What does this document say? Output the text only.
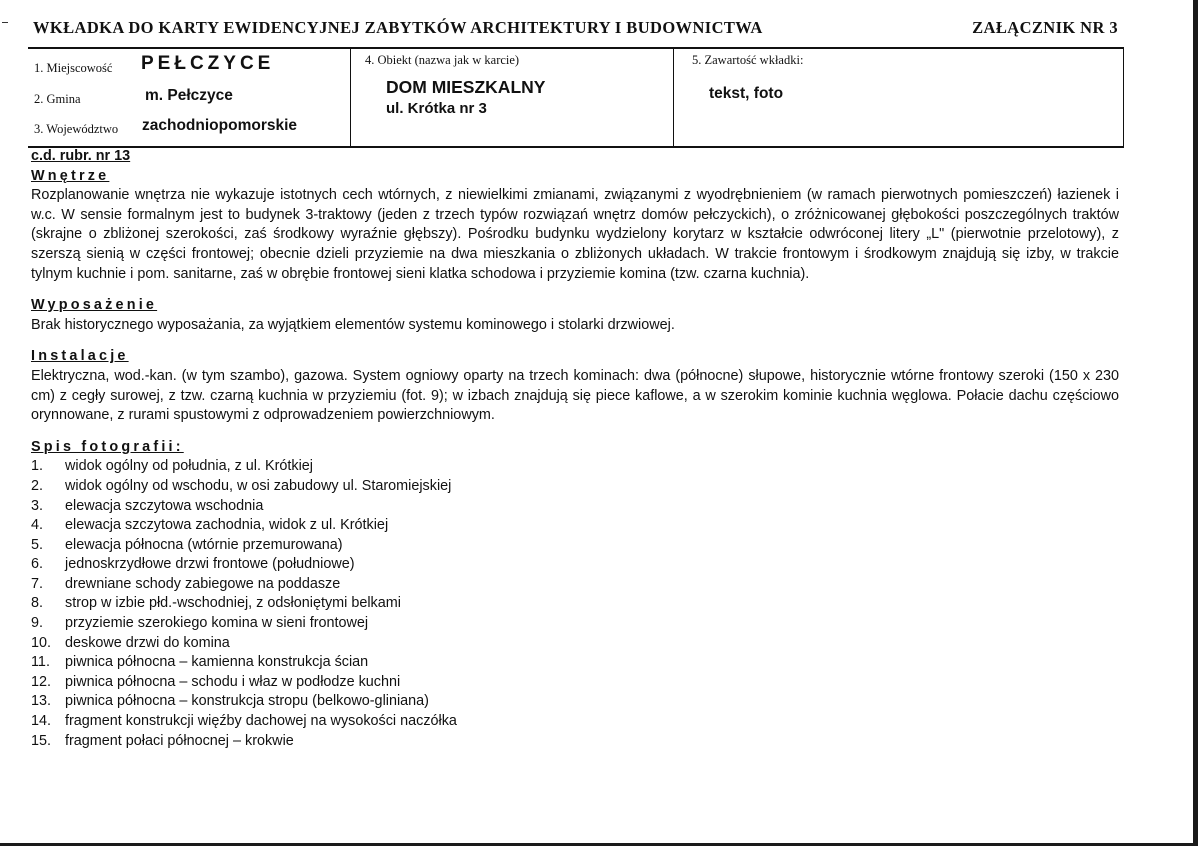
WKŁADKA DO KARTY EWIDENCYJNEJ ZABYTKÓW ARCHITEKTURY I BUDOWNICTWA	ZAŁĄCZNIK NR 3
1. Miejscowość PEŁCZYCE
2. Gmina	m. Pełczyce
3. Województwo zachodniopomorskie
4. Obiekt (nazwa jak w karcie)
DOM MIESZKALNY
ul. Krótka nr 3
5. Zawartość wkładki:
tekst, foto
c.d. rubr. nr 13

Wnętrze

Rozplanowanie wnętrza nie wykazuje istotnych cech wtórnych, z niewielkimi zmianami, związanymi z wyodrębnieniem (w ramach pierwotnych pomieszczeń) łazienek i w.c. W sensie formalnym jest to budynek 3-traktowy (jeden z trzech typów rozwiązań wnętrz domów pełczyckich), o zróżnicowanej głębokości poszczególnych traktów (skrajne o zbliżonej szerokości, zaś środkowy wyraźnie głębszy). Pośrodku budynku wydzielony korytarz w kształcie odwróconej litery „L" (pierwotnie przelotowy), z szerszą sienią w części frontowej; obecnie dzieli przyziemie na dwa mieszkania o zbliżonych układach. W trakcie frontowym i środkowym znajdują się izby, w trakcie tylnym kuchnie i pom. sanitarne, zaś w obrębie frontowej sieni klatka schodowa i przyziemie komina (tzw. czarna kuchnia).

Wyposażenie

Brak historycznego wyposażania, za wyjątkiem elementów systemu kominowego i stolarki drzwiowej.

Instalacje

Elektryczna, wod.-kan. (w tym szambo), gazowa. System ogniowy oparty na trzech kominach: dwa (północne) słupowe, historycznie wtórne frontowy szeroki (150 x 230 cm) z cegły surowej, z tzw. czarną kuchnia w przyziemiu (fot. 9); w izbach znajdują się piece kaflowe, a w szerokim kominie kuchnia węglowa. Połacie dachu częściowo orynnowane, z rurami spustowymi z odprowadzeniem powierzchniowym.

Spis fotografii:

1.	widok ogólny od południa, z ul. Krótkiej
2.	widok ogólny od wschodu, w osi zabudowy ul. Staromiejskiej
3.	elewacja szczytowa wschodnia
4.	elewacja szczytowa zachodnia, widok z ul. Krótkiej
5.	elewacja północna (wtórnie przemurowana)
6.	jednoskrzydłowe drzwi frontowe (południowe)
7.	drewniane schody zabiegowe na poddasze
8.	strop w izbie płd.-wschodniej, z odsłoniętymi belkami
9.	przyziemie szerokiego komina w sieni frontowej
10. deskowe drzwi do komina
11.	piwnica północna – kamienna konstrukcja ścian
12. piwnica północna – schodu i właz w podłodze kuchni
13. piwnica północna – konstrukcja stropu (belkowo-gliniana)
14. fragment konstrukcji więźby dachowej na wysokości naczółka
15. fragment połaci północnej – krokwie
